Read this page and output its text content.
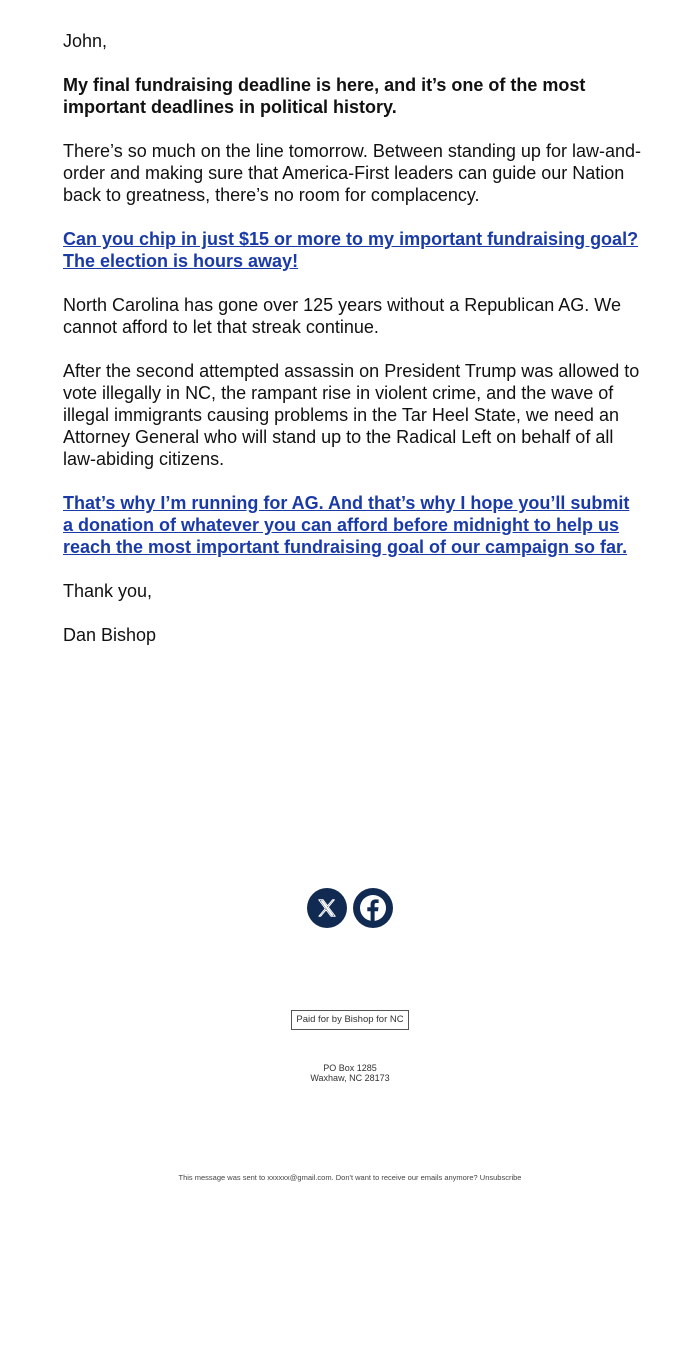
John,

My final fundraising deadline is here, and it’s one of the most important deadlines in political history.

There’s so much on the line tomorrow. Between standing up for law-and-order and making sure that America-First leaders can guide our Nation back to greatness, there’s no room for complacency.

Can you chip in just $15 or more to my important fundraising goal? The election is hours away!

North Carolina has gone over 125 years without a Republican AG. We cannot afford to let that streak continue.

After the second attempted assassin on President Trump was allowed to vote illegally in NC, the rampant rise in violent crime, and the wave of illegal immigrants causing problems in the Tar Heel State, we need an Attorney General who will stand up to the Radical Left on behalf of all law-abiding citizens.

That’s why I’m running for AG. And that’s why I hope you’ll submit a donation of whatever you can afford before midnight to help us reach the most important fundraising goal of our campaign so far.

Thank you,

Dan Bishop

Paid for by Bishop for NC
PO Box 1285
Waxhaw, NC 28173
This message was sent to xxxxxx@gmail.com. Don't want to receive our emails anymore? Unsubscribe
